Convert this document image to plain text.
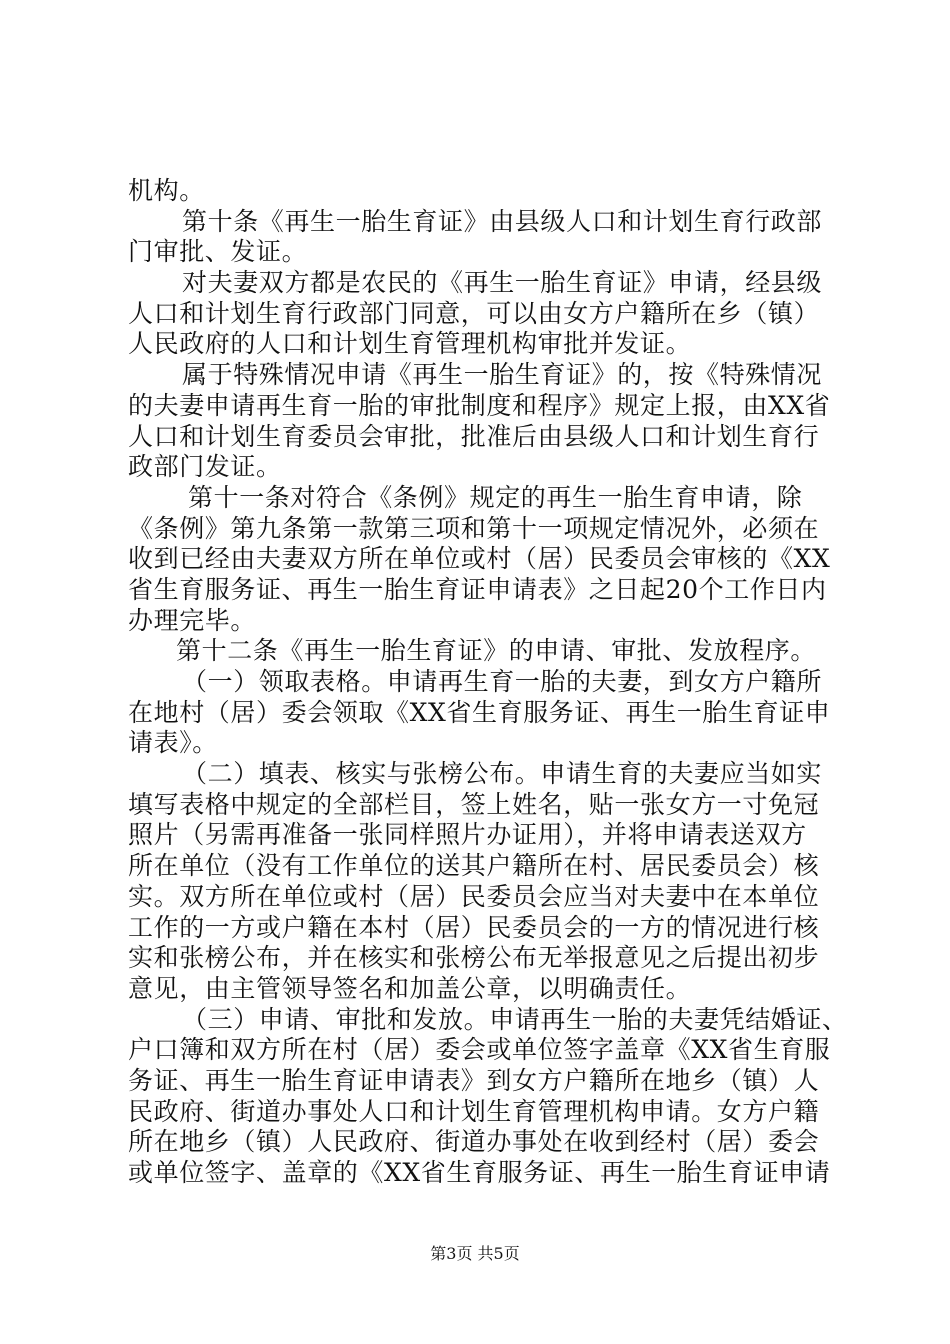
机构。
第十条《再生一胎生育证》由县级人口和计划生育行政部
门审批、发证。
对夫妻双方都是农民的《再生一胎生育证》申请，经县级
人口和计划生育行政部门同意，可以由女方户籍所在乡（镇）
人民政府的人口和计划生育管理机构审批并发证。
属于特殊情况申请《再生一胎生育证》的，按《特殊情况
的夫妻申请再生育一胎的审批制度和程序》规定上报，由XX省
人口和计划生育委员会审批，批准后由县级人口和计划生育行
政部门发证。
第十一条对符合《条例》规定的再生一胎生育申请，除
《条例》第九条第一款第三项和第十一项规定情况外，必须在
收到已经由夫妻双方所在单位或村（居）民委员会审核的《XX
省生育服务证、再生一胎生育证申请表》之日起20个工作日内
办理完毕。
第十二条《再生一胎生育证》的申请、审批、发放程序。
（一）领取表格。申请再生育一胎的夫妻，到女方户籍所
在地村（居）委会领取《XX省生育服务证、再生一胎生育证申
请表》。
（二）填表、核实与张榜公布。申请生育的夫妻应当如实
填写表格中规定的全部栏目，签上姓名，贴一张女方一寸免冠
照片（另需再准备一张同样照片办证用），并将申请表送双方
所在单位（没有工作单位的送其户籍所在村、居民委员会）核
实。双方所在单位或村（居）民委员会应当对夫妻中在本单位
工作的一方或户籍在本村（居）民委员会的一方的情况进行核
实和张榜公布，并在核实和张榜公布无举报意见之后提出初步
意见，由主管领导签名和加盖公章，以明确责任。
（三）申请、审批和发放。申请再生一胎的夫妻凭结婚证、
户口簿和双方所在村（居）委会或单位签字盖章《XX省生育服
务证、再生一胎生育证申请表》到女方户籍所在地乡（镇）人
民政府、街道办事处人口和计划生育管理机构申请。女方户籍
所在地乡（镇）人民政府、街道办事处在收到经村（居）委会
或单位签字、盖章的《XX省生育服务证、再生一胎生育证申请
第3页 共5页
